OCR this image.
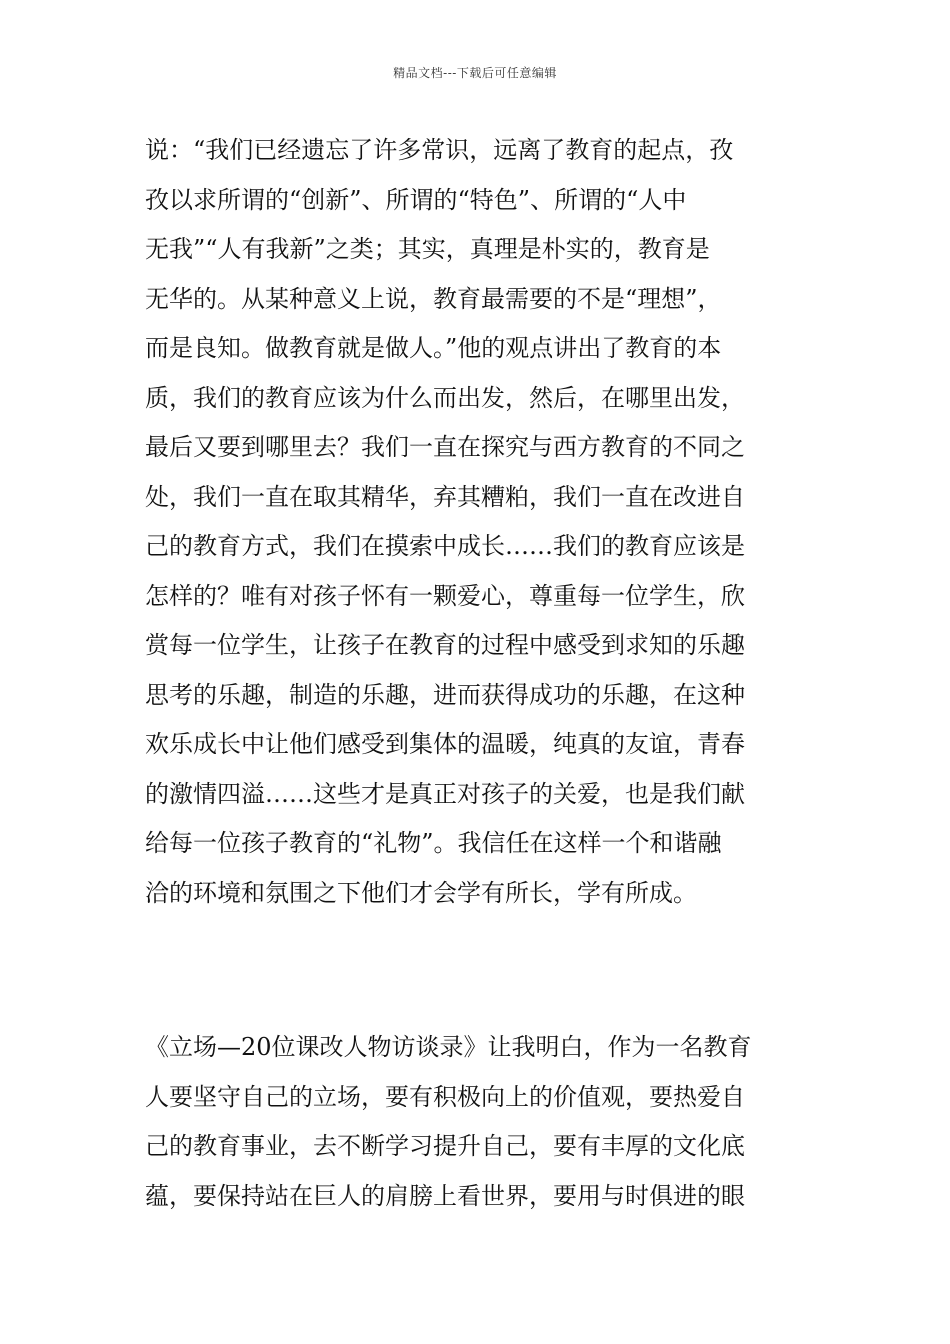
精品文档---下载后可任意编辑
说：“我们已经遗忘了许多常识，远离了教育的起点，孜
孜以求所谓的“创新”、所谓的“特色”、所谓的“人中
无我”“人有我新”之类；其实，真理是朴实的，教育是
无华的。从某种意义上说，教育最需要的不是“理想”，
而是良知。做教育就是做人。”他的观点讲出了教育的本
质，我们的教育应该为什么而出发，然后，在哪里出发，
最后又要到哪里去？我们一直在探究与西方教育的不同之
处，我们一直在取其精华，弃其糟粕，我们一直在改进自
己的教育方式，我们在摸索中成长……我们的教育应该是
怎样的？唯有对孩子怀有一颗爱心，尊重每一位学生，欣
赏每一位学生，让孩子在教育的过程中感受到求知的乐趣
思考的乐趣，制造的乐趣，进而获得成功的乐趣，在这种
欢乐成长中让他们感受到集体的温暖，纯真的友谊，青春
的激情四溢……这些才是真正对孩子的关爱，也是我们献
给每一位孩子教育的“礼物”。我信任在这样一个和谐融
洽的环境和氛围之下他们才会学有所长，学有所成。
《立场—20位课改人物访谈录》让我明白，作为一名教育
人要坚守自己的立场，要有积极向上的价值观，要热爱自
己的教育事业，去不断学习提升自己，要有丰厚的文化底
蕴，要保持站在巨人的肩膀上看世界，要用与时俱进的眼
